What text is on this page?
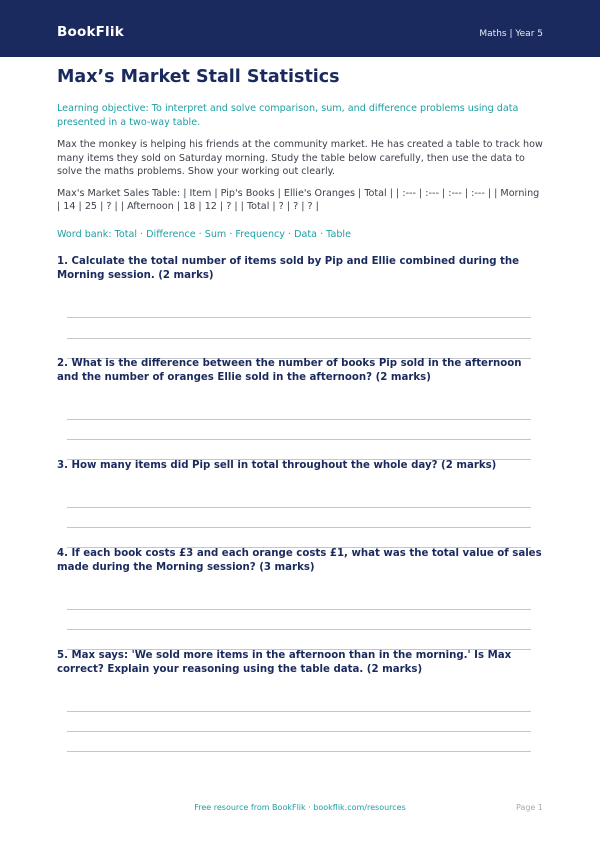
BookFlik	Maths | Year 5
Max’s Market Stall Statistics
Learning objective: To interpret and solve comparison, sum, and difference problems using data presented in a two-way table.
Max the monkey is helping his friends at the community market. He has created a table to track how many items they sold on Saturday morning. Study the table below carefully, then use the data to solve the maths problems. Show your working out clearly.
Max's Market Sales Table: | Item | Pip's Books | Ellie's Oranges | Total | | :--- | :--- | :--- | :--- | | Morning | 14 | 25 | ? | | Afternoon | 18 | 12 | ? | | Total | ? | ? | ? |
Word bank: Total · Difference · Sum · Frequency · Data · Table
1. Calculate the total number of items sold by Pip and Ellie combined during the Morning session. (2 marks)
2. What is the difference between the number of books Pip sold in the afternoon and the number of oranges Ellie sold in the afternoon? (2 marks)
3. How many items did Pip sell in total throughout the whole day? (2 marks)
4. If each book costs £3 and each orange costs £1, what was the total value of sales made during the Morning session? (3 marks)
5. Max says: 'We sold more items in the afternoon than in the morning.' Is Max correct? Explain your reasoning using the table data. (2 marks)
Free resource from BookFlik · bookflik.com/resources	Page 1
